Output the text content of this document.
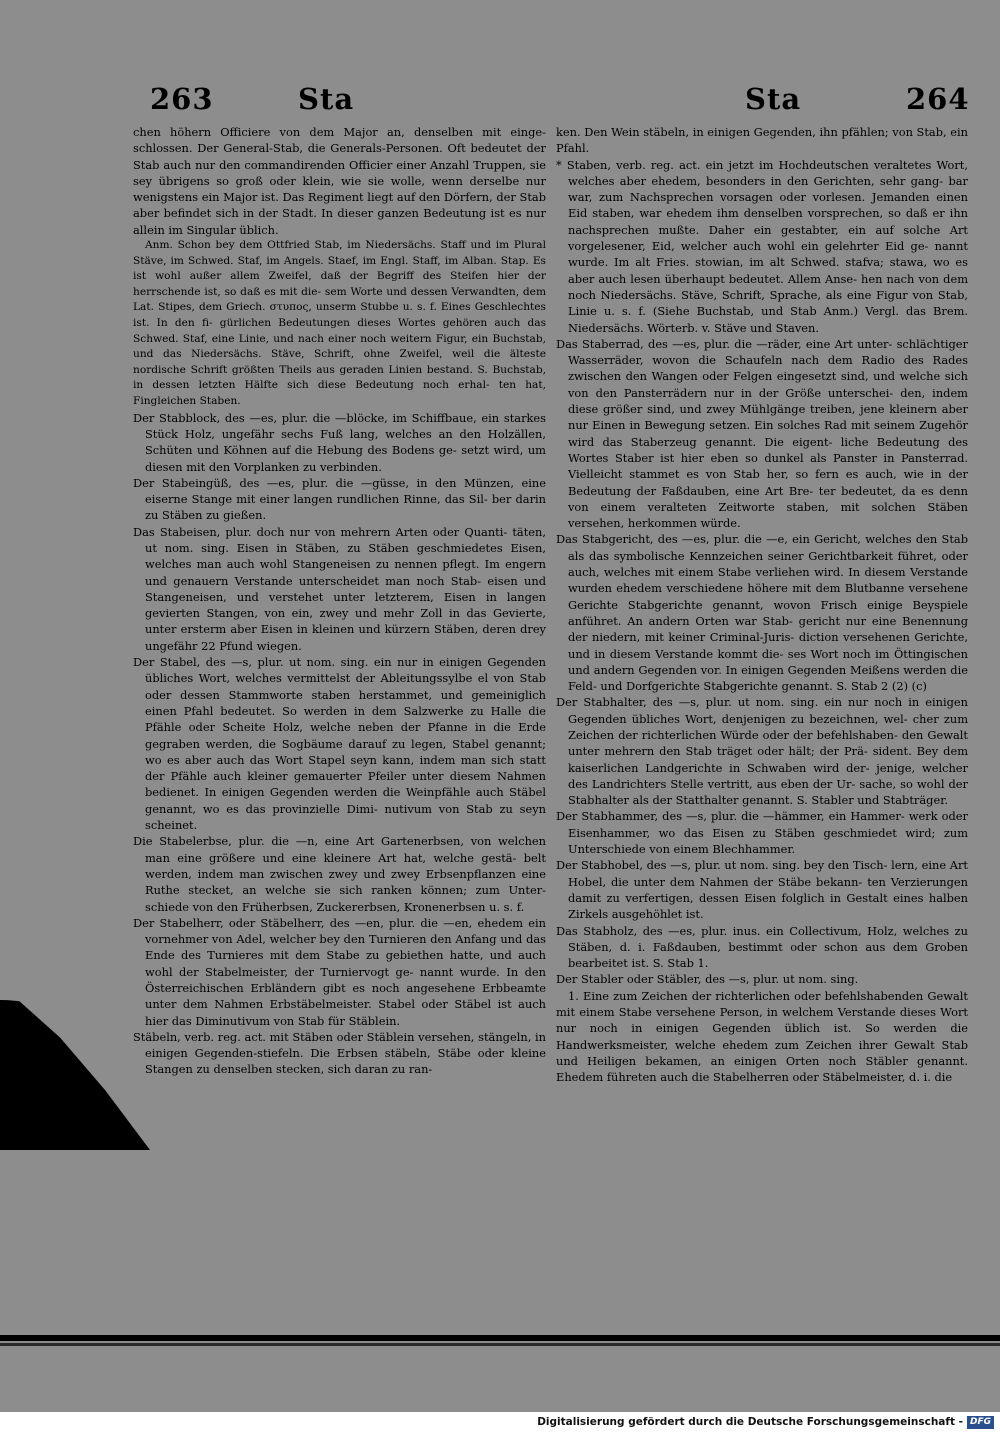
263	Sta	Sta	264

chen höhern Officiere von dem Major an, denselben mit einge- schlossen. Der General-Stab, die Generals-Personen. Oft bedeutet der Stab auch nur den commandirenden Officier einer Anzahl Truppen, sie sey übrigens so groß oder klein, wie sie wolle, wenn derselbe nur wenigstens ein Major ist. Das Regiment liegt auf den Dörfern, der Stab aber befindet sich in der Stadt. In dieser ganzen Bedeutung ist es nur allein im Singular üblich.

Anm. Schon bey dem Ottfried Stab, im Niedersächs. Staff und im Plural Stäve, im Schwed. Staf, im Angels. Staef, im Engl. Staff, im Alban. Stap. Es ist wohl außer allem Zweifel, daß der Begriff des Steifen hier der herrschende ist, so daß es mit die- sem Worte und dessen Verwandten, dem Lat. Stipes, dem Griech. στυπος, unserm Stubbe u. s. f. Eines Geschlechtes ist. In den fi- gürlichen Bedeutungen dieses Wortes gehören auch das Schwed. Staf, eine Linie, und nach einer noch weitern Figur, ein Buchstab, und das Niedersächs. Stäve, Schrift, ohne Zweifel, weil die älteste nordische Schrift größten Theils aus geraden Linien bestand. S. Buchstab, in dessen letzten Hälfte sich diese Bedeutung noch erhal- ten hat, Fingleichen Staben.

Der Stabblock, des —es, plur. die —blöcke, im Schiffbaue, ein starkes Stück Holz, ungefähr sechs Fuß lang, welches an den Holzällen, Schüten und Köhnen auf die Hebung des Bodens ge- setzt wird, um diesen mit den Vorplanken zu verbinden.

Der Stabeingüß, des —es, plur. die —güsse, in den Münzen, eine eiserne Stange mit einer langen rundlichen Rinne, das Sil- ber darin zu Stäben zu gießen.

Das Stabeisen, plur. doch nur von mehrern Arten oder Quanti- täten, ut nom. sing. Eisen in Stäben, zu Stäben geschmiedetes Eisen, welches man auch wohl Stangeneisen zu nennen pflegt. Im engern und genauern Verstande unterscheidet man noch Stab- eisen und Stangeneisen, und verstehet unter letzterem, Eisen in langen gevierten Stangen, von ein, zwey und mehr Zoll in das Gevierte, unter ersterm aber Eisen in kleinen und kürzern Stäben, deren drey ungefähr 22 Pfund wiegen.

Der Stabel, des —s, plur. ut nom. sing. ein nur in einigen Gegenden übliches Wort, welches vermittelst der Ableitungssylbe el von Stab oder dessen Stammworte staben herstammet, und gemeiniglich einen Pfahl bedeutet. So werden in dem Salzwerke zu Halle die Pfähle oder Scheite Holz, welche neben der Pfanne in die Erde gegraben werden, die Sogbäume darauf zu legen, Stabel genannt; wo es aber auch das Wort Stapel seyn kann, indem man sich statt der Pfähle auch kleiner gemauerter Pfeiler unter diesem Nahmen bedienet. In einigen Gegenden werden die Weinpfähle auch Stäbel genannt, wo es das provinzielle Dimi- nutivum von Stab zu seyn scheinet.

Die Stabelerbse, plur. die —n, eine Art Gartenerbsen, von welchen man eine größere und eine kleinere Art hat, welche gestä- belt werden, indem man zwischen zwey und zwey Erbsenpflanzen eine Ruthe stecket, an welche sie sich ranken können; zum Unter- schiede von den Früherbsen, Zuckererbsen, Kronenerbsen u. s. f.

Der Stabelherr, oder Stäbelherr, des —en, plur. die —en, ehedem ein vornehmer von Adel, welcher bey den Turnieren den Anfang und das Ende des Turnieres mit dem Stabe zu gebiethen hatte, und auch wohl der Stabelmeister, der Turniervogt ge- nannt wurde. In den Österreichischen Erbländern gibt es noch angesehene Erbbeamte unter dem Nahmen Erbstäbelmeister. Stabel oder Stäbel ist auch hier das Diminutivum von Stab für Stäblein.

Stäbeln, verb. reg. act. mit Stäben oder Stäblein versehen, stängeln, in einigen Gegenden-stiefeln. Die Erbsen stäbeln, Stäbe oder kleine Stangen zu denselben stecken, sich daran zu ran-

ken. Den Wein stäbeln, in einigen Gegenden, ihn pfählen; von Stab, ein Pfahl.

* Staben, verb. reg. act. ein jetzt im Hochdeutschen veraltetes Wort, welches aber ehedem, besonders in den Gerichten, sehr gang- bar war, zum Nachsprechen vorsagen oder vorlesen. Jemanden einen Eid staben, war ehedem ihm denselben vorsprechen, so daß er ihn nachsprechen mußte. Daher ein gestabter, ein auf solche Art vorgelesener, Eid, welcher auch wohl ein gelehrter Eid ge- nannt wurde. Im alt Fries. stowian, im alt Schwed. stafva; stawa, wo es aber auch lesen überhaupt bedeutet. Allem Anse- hen nach von dem noch Niedersächs. Stäve, Schrift, Sprache, als eine Figur von Stab, Linie u. s. f. (Siehe Buchstab, und Stab Anm.) Vergl. das Brem. Niedersächs. Wörterb. v. Stäve und Staven.

Das Staberrad, des —es, plur. die —räder, eine Art unter- schlächtiger Wasserräder, wovon die Schaufeln nach dem Radio des Rades zwischen den Wangen oder Felgen eingesetzt sind, und welche sich von den Pansterrädern nur in der Größe unterschei- den, indem diese größer sind, und zwey Mühlgänge treiben, jene kleinern aber nur Einen in Bewegung setzen. Ein solches Rad mit seinem Zugehör wird das Staberzeug genannt. Die eigent- liche Bedeutung des Wortes Staber ist hier eben so dunkel als Panster in Pansterrad. Vielleicht stammet es von Stab her, so fern es auch, wie in der Bedeutung der Faßdauben, eine Art Bre- ter bedeutet, da es denn von einem veralteten Zeitworte staben, mit solchen Stäben versehen, herkommen würde.

Das Stabgericht, des —es, plur. die —e, ein Gericht, welches den Stab als das symbolische Kennzeichen seiner Gerichtbarkeit führet, oder auch, welches mit einem Stabe verliehen wird. In diesem Verstande wurden ehedem verschiedene höhere mit dem Blutbanne versehene Gerichte Stabgerichte genannt, wovon Frisch einige Beyspiele anführet. An andern Orten war Stab- gericht nur eine Benennung der niedern, mit keiner Criminal-Juris- diction versehenen Gerichte, und in diesem Verstande kommt die- ses Wort noch im Öttingischen und andern Gegenden vor. In einigen Gegenden Meißens werden die Feld- und Dorfgerichte Stabgerichte genannt. S. Stab 2 (2) (c)

Der Stabhalter, des —s, plur. ut nom. sing. ein nur noch in einigen Gegenden übliches Wort, denjenigen zu bezeichnen, wel- cher zum Zeichen der richterlichen Würde oder der befehlshaben- den Gewalt unter mehrern den Stab träget oder hält; der Prä- sident. Bey dem kaiserlichen Landgerichte in Schwaben wird der- jenige, welcher des Landrichters Stelle vertritt, aus eben der Ur- sache, so wohl der Stabhalter als der Statthalter genannt. S. Stabler und Stabträger.

Der Stabhammer, des —s, plur. die —hämmer, ein Hammer- werk oder Eisenhammer, wo das Eisen zu Stäben geschmiedet wird; zum Unterschiede von einem Blechhammer.

Der Stabhobel, des —s, plur. ut nom. sing. bey den Tisch- lern, eine Art Hobel, die unter dem Nahmen der Stäbe bekann- ten Verzierungen damit zu verfertigen, dessen Eisen folglich in Gestalt eines halben Zirkels ausgehöhlet ist.

Das Stabholz, des —es, plur. inus. ein Collectivum, Holz, welches zu Stäben, d. i. Faßdauben, bestimmt oder schon aus dem Groben bearbeitet ist. S. Stab 1.

Der Stabler oder Stäbler, des —s, plur. ut nom. sing.

1. Eine zum Zeichen der richterlichen oder befehlshabenden Gewalt mit einem Stabe versehene Person, in welchem Verstande dieses Wort nur noch in einigen Gegenden üblich ist. So werden die Handwerksmeister, welche ehedem zum Zeichen ihrer Gewalt Stab und Heiligen bekamen, an einigen Orten noch Stäbler genannt. Ehedem führeten auch die Stabelherren oder Stäbelmeister, d. i. die

Digitalisierung gefördert durch die Deutsche Forschungsgemeinschaft - DFG
